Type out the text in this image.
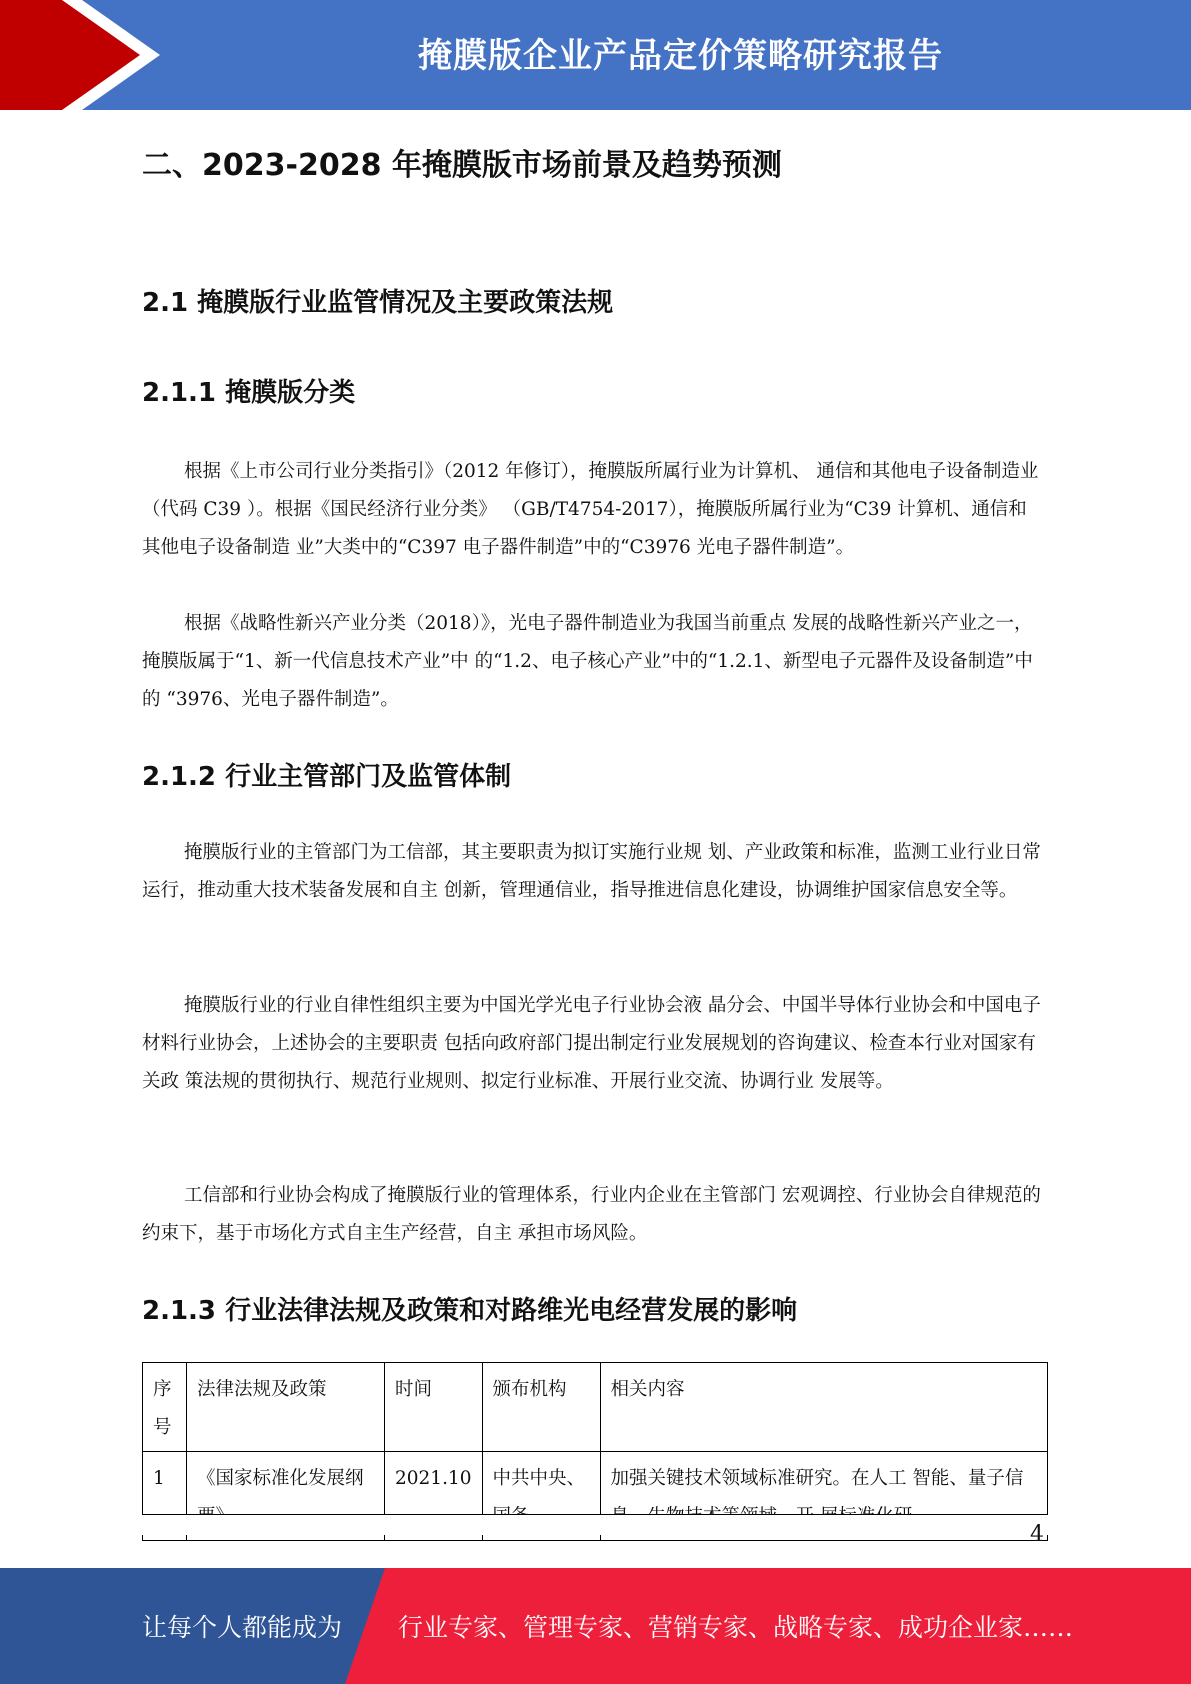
掩膜版企业产品定价策略研究报告
二、2023-2028 年掩膜版市场前景及趋势预测
2.1 掩膜版行业监管情况及主要政策法规
2.1.1 掩膜版分类

根据《上市公司行业分类指引》（2012 年修订），掩膜版所属行业为计算机、 通信和其他电子设备制造业（代码 C39 ）。根据《国民经济行业分类》 （GB/T4754-2017），掩膜版所属行业为“C39 计算机、通信和其他电子设备制造 业”大类中的“C397 电子器件制造”中的“C3976 光电子器件制造”。

根据《战略性新兴产业分类（2018）》，光电子器件制造业为我国当前重点 发展的战略性新兴产业之一，掩膜版属于“1、新一代信息技术产业”中 的“1.2、电子核心产业”中的“1.2.1、新型电子元器件及设备制造”中的 “3976、光电子器件制造”。

2.1.2 行业主管部门及监管体制

掩膜版行业的主管部门为工信部，其主要职责为拟订实施行业规 划、产业政策和标准，监测工业行业日常运行，推动重大技术装备发展和自主 创新，管理通信业，指导推进信息化建设，协调维护国家信息安全等。

掩膜版行业的行业自律性组织主要为中国光学光电子行业协会液 晶分会、中国半导体行业协会和中国电子材料行业协会，上述协会的主要职责 包括向政府部门提出制定行业发展规划的咨询建议、检查本行业对国家有关政 策法规的贯彻执行、规范行业规则、拟定行业标准、开展行业交流、协调行业 发展等。

工信部和行业协会构成了掩膜版行业的管理体系，行业内企业在主管部门 宏观调控、行业协会自律规范的约束下，基于市场化方式自主生产经营，自主 承担市场风险。

2.1.3 行业法律法规及政策和对路维光电经营发展的影响
序号	法律法规及政策	时间	颁布机构	相关内容
1	《国家标准化发展纲	2021.10	中共中央、	加强关键技术领域标准研究。在人工 智能、量子信
4
让每个人都能成为 行业专家、管理专家、营销专家、战略专家、成功企业家……
